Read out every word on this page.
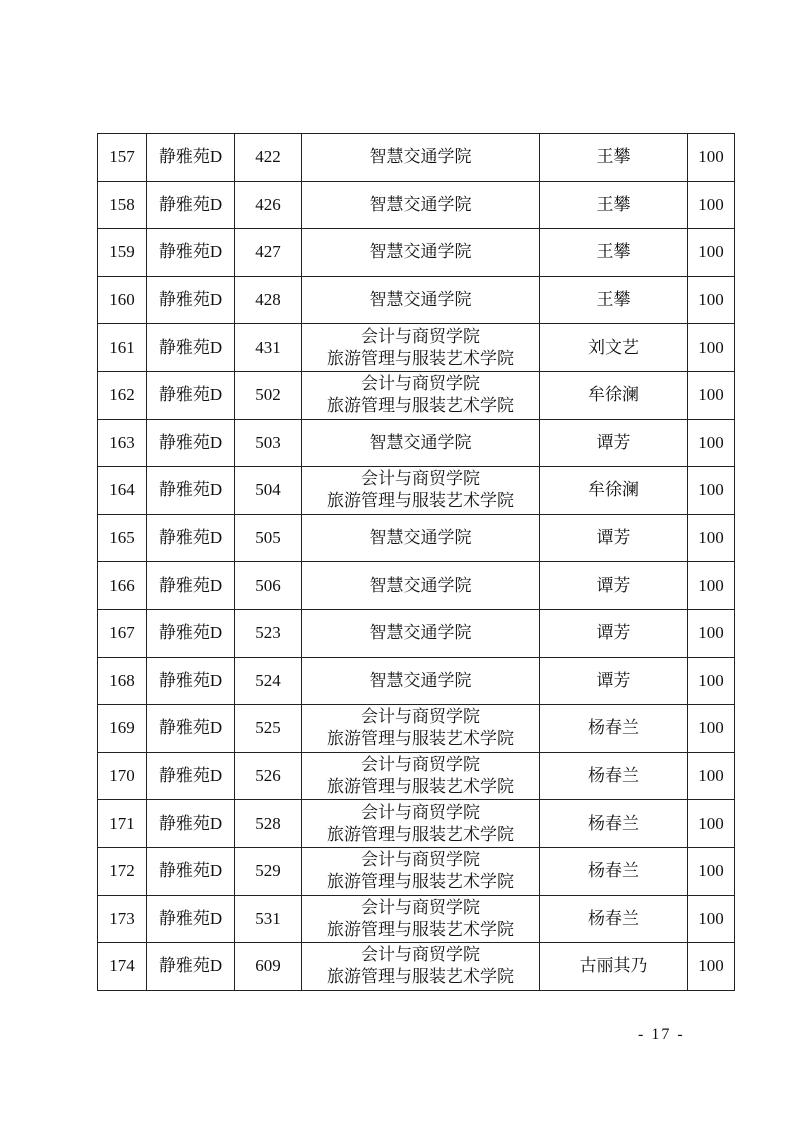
157	静雅苑D	422	智慧交通学院	王攀	100
158	静雅苑D	426	智慧交通学院	王攀	100
159	静雅苑D	427	智慧交通学院	王攀	100
160	静雅苑D	428	智慧交通学院	王攀	100
161	静雅苑D	431	会计与商贸学院
旅游管理与服装艺术学院	刘文艺	100
162	静雅苑D	502	会计与商贸学院
旅游管理与服装艺术学院	牟徐澜	100
163	静雅苑D	503	智慧交通学院	谭芳	100
164	静雅苑D	504	会计与商贸学院
旅游管理与服装艺术学院	牟徐澜	100
165	静雅苑D	505	智慧交通学院	谭芳	100
166	静雅苑D	506	智慧交通学院	谭芳	100
167	静雅苑D	523	智慧交通学院	谭芳	100
168	静雅苑D	524	智慧交通学院	谭芳	100
169	静雅苑D	525	会计与商贸学院
旅游管理与服装艺术学院	杨春兰	100
170	静雅苑D	526	会计与商贸学院
旅游管理与服装艺术学院	杨春兰	100
171	静雅苑D	528	会计与商贸学院
旅游管理与服装艺术学院	杨春兰	100
172	静雅苑D	529	会计与商贸学院
旅游管理与服装艺术学院	杨春兰	100
173	静雅苑D	531	会计与商贸学院
旅游管理与服装艺术学院	杨春兰	100
174	静雅苑D	609	会计与商贸学院
旅游管理与服装艺术学院	古丽其乃	100
- 17 -
